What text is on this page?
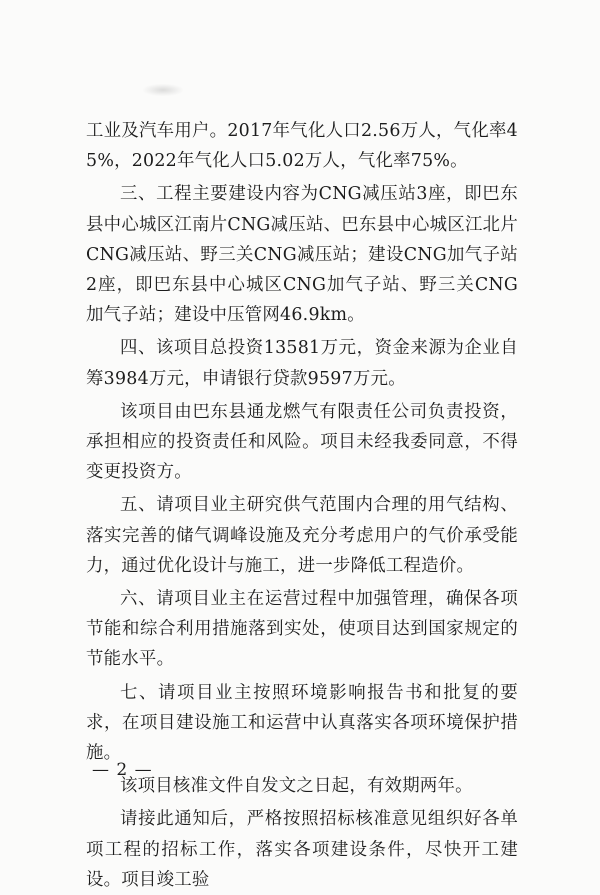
工业及汽车用户。2017年气化人口2.56万人，气化率45%，2022年气化人口5.02万人，气化率75%。

三、工程主要建设内容为CNG减压站3座，即巴东县中心城区江南片CNG减压站、巴东县中心城区江北片CNG减压站、野三关CNG减压站；建设CNG加气子站2座，即巴东县中心城区CNG加气子站、野三关CNG加气子站；建设中压管网46.9km。

四、该项目总投资13581万元，资金来源为企业自筹3984万元，申请银行贷款9597万元。

该项目由巴东县通龙燃气有限责任公司负责投资，承担相应的投资责任和风险。项目未经我委同意，不得变更投资方。

五、请项目业主研究供气范围内合理的用气结构、落实完善的储气调峰设施及充分考虑用户的气价承受能力，通过优化设计与施工，进一步降低工程造价。

六、请项目业主在运营过程中加强管理，确保各项节能和综合利用措施落到实处，使项目达到国家规定的节能水平。

七、请项目业主按照环境影响报告书和批复的要求，在项目建设施工和运营中认真落实各项环境保护措施。

该项目核准文件自发文之日起，有效期两年。

请接此通知后，严格按照招标核准意见组织好各单项工程的招标工作，落实各项建设条件，尽快开工建设。项目竣工验

— 2 —
